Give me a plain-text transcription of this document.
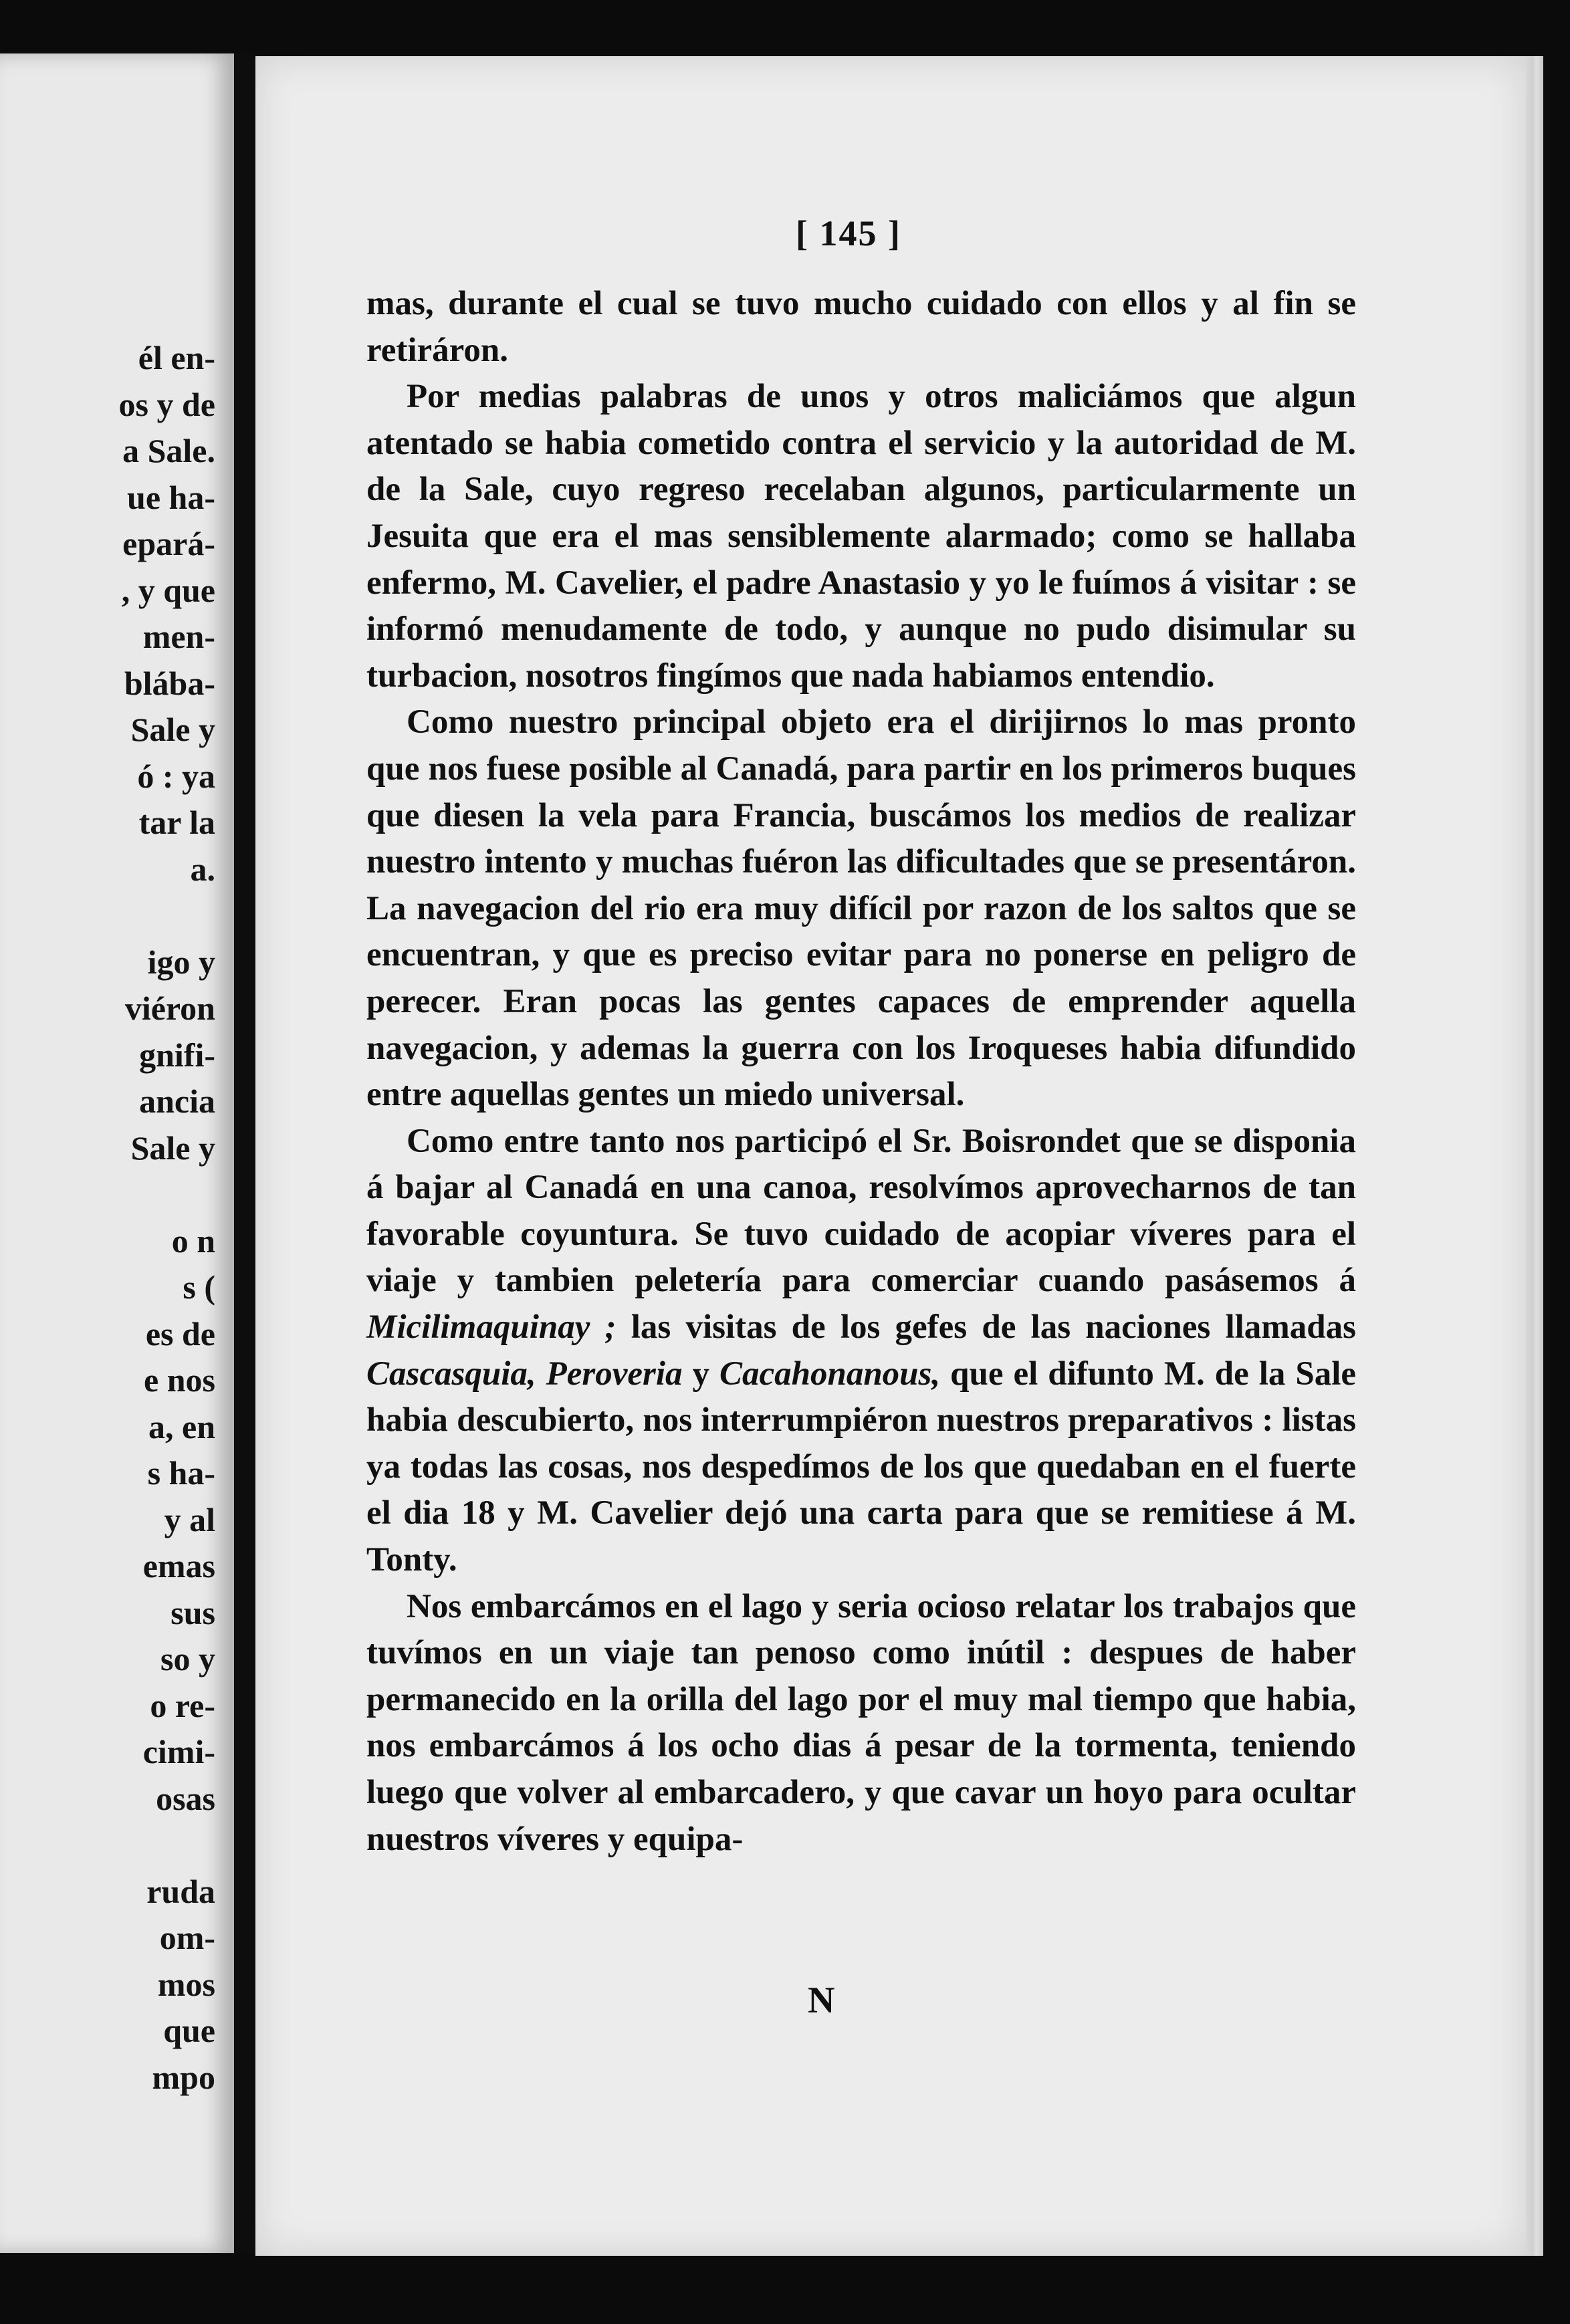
él en-
os y de
a Sale.
ue ha-
epará-
, y que
men-
blába-
Sale y
ó : ya
tar la
a.
igo y
viéron
gnifi-
ancia
Sale y
o n
s (
es de
e nos
a, en
s ha-
y al
emas
sus
so y
o re-
cimi-
osas
ruda
om-
mos
que
mpo
[ 145 ]

mas, durante el cual se tuvo mucho cuidado con ellos y al fin se retiráron.

Por medias palabras de unos y otros maliciámos que algun atentado se habia cometido contra el servicio y la autoridad de M. de la Sale, cuyo regreso recelaban algunos, particularmente un Jesuita que era el mas sensiblemente alarmado; como se hallaba enfermo, M. Cavelier, el padre Anastasio y yo le fuímos á visitar : se informó menudamente de todo, y aunque no pudo disimular su turbacion, nosotros fingímos que nada habiamos entendio.

Como nuestro principal objeto era el dirijirnos lo mas pronto que nos fuese posible al Canadá, para partir en los primeros buques que diesen la vela para Francia, buscámos los medios de realizar nuestro intento y muchas fuéron las dificultades que se presentáron. La navegacion del rio era muy difícil por razon de los saltos que se encuentran, y que es preciso evitar para no ponerse en peligro de perecer. Eran pocas las gentes capaces de emprender aquella navegacion, y ademas la guerra con los Iroqueses habia difundido entre aquellas gentes un miedo universal.

Como entre tanto nos participó el Sr. Boisrondet que se disponia á bajar al Canadá en una canoa, resolvímos aprovecharnos de tan favorable coyuntura. Se tuvo cuidado de acopiar víveres para el viaje y tambien peletería para comerciar cuando pasásemos á Micilimaquinay ; las visitas de los gefes de las naciones llamadas Cascasquia, Peroveria y Cacahonanous, que el difunto M. de la Sale habia descubierto, nos interrumpiéron nuestros preparativos : listas ya todas las cosas, nos despedímos de los que quedaban en el fuerte el dia 18 y M. Cavelier dejó una carta para que se remitiese á M. Tonty.

Nos embarcámos en el lago y seria ocioso relatar los trabajos que tuvímos en un viaje tan penoso como inútil : despues de haber permanecido en la orilla del lago por el muy mal tiempo que habia, nos embarcámos á los ocho dias á pesar de la tormenta, teniendo luego que volver al embarcadero, y que cavar un hoyo para ocultar nuestros víveres y equipa-

N
